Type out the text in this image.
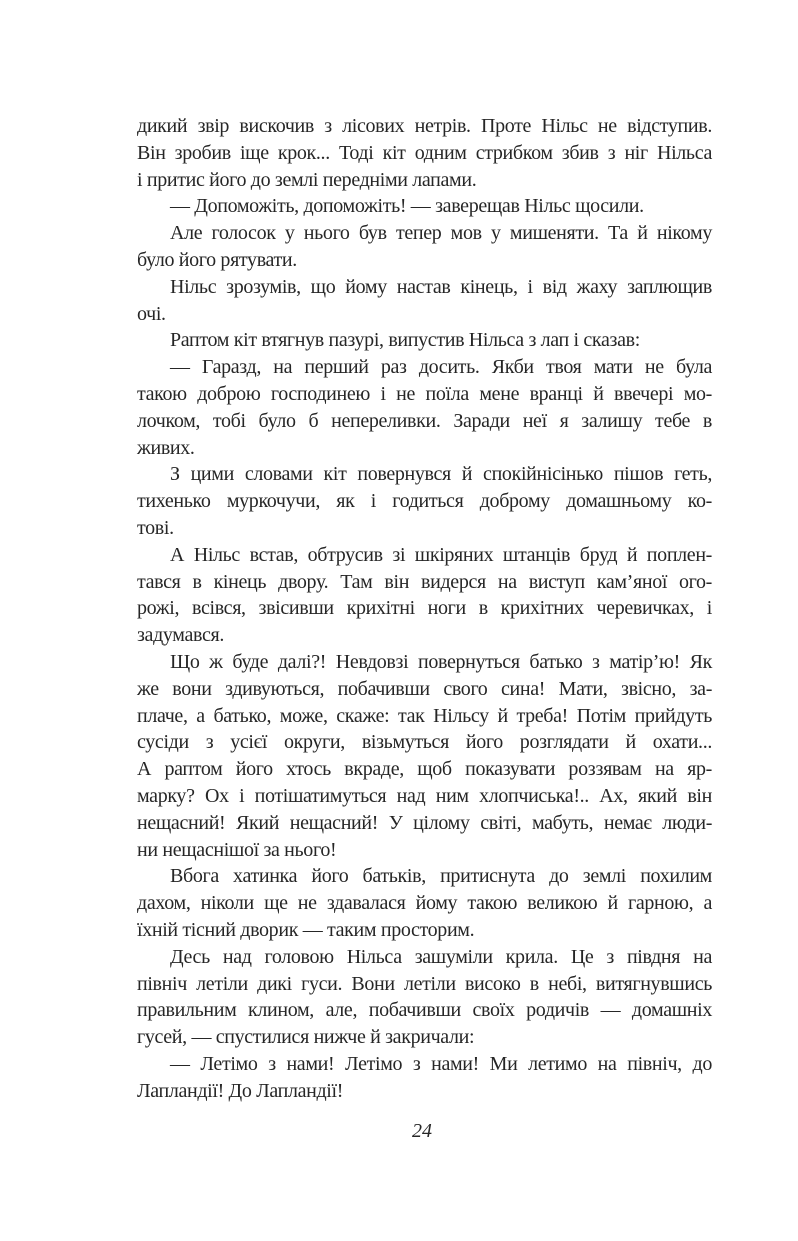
дикий звір вискочив з лісових нетрів. Проте Нільс не відступив.
Він зробив іще крок... Тоді кіт одним стрибком збив з ніг Нільса
і притис його до землі передніми лапами.
— Допоможіть, допоможіть! — заверещав Нільс щосили.
Але голосок у нього був тепер мов у мишеняти. Та й нікому
було його рятувати.
Нільс зрозумів, що йому настав кінець, і від жаху заплющив
очі.
Раптом кіт втягнув пазурі, випустив Нільса з лап і сказав:
— Гаразд, на перший раз досить. Якби твоя мати не була
такою доброю господинею і не поїла мене вранці й ввечері мо-
лочком, тобі було б непереливки. Заради неї я залишу тебе в
живих.
З цими словами кіт повернувся й спокійнісінько пішов геть,
тихенько муркочучи, як і годиться доброму домашньому ко-
тові.
А Нільс встав, обтрусив зі шкіряних штанців бруд й поплен-
тався в кінець двору. Там він видерся на виступ кам’яної ого-
рожі, всівся, звісивши крихітні ноги в крихітних черевичках, і
задумався.
Що ж буде далі?! Невдовзі повернуться батько з матір’ю! Як
же вони здивуються, побачивши свого сина! Мати, звісно, за-
плаче, а батько, може, скаже: так Нільсу й треба! Потім прийдуть
сусіди з усієї округи, візьмуться його розглядати й охати...
А раптом його хтось вкраде, щоб показувати роззявам на яр-
марку? Ох і потішатимуться над ним хлопчиська!.. Ах, який він
нещасний! Який нещасний! У цілому світі, мабуть, немає люди-
ни нещаснішої за нього!
Вбога хатинка його батьків, притиснута до землі похилим
дахом, ніколи ще не здавалася йому такою великою й гарною, а
їхній тісний дворик — таким просторим.
Десь над головою Нільса зашуміли крила. Це з півдня на
північ летіли дикі гуси. Вони летіли високо в небі, витягнувшись
правильним клином, але, побачивши своїх родичів — домашніх
гусей, — спустилися нижче й закричали:
— Летімо з нами! Летімо з нами! Ми летимо на північ, до
Лапландії! До Лапландії!
24
